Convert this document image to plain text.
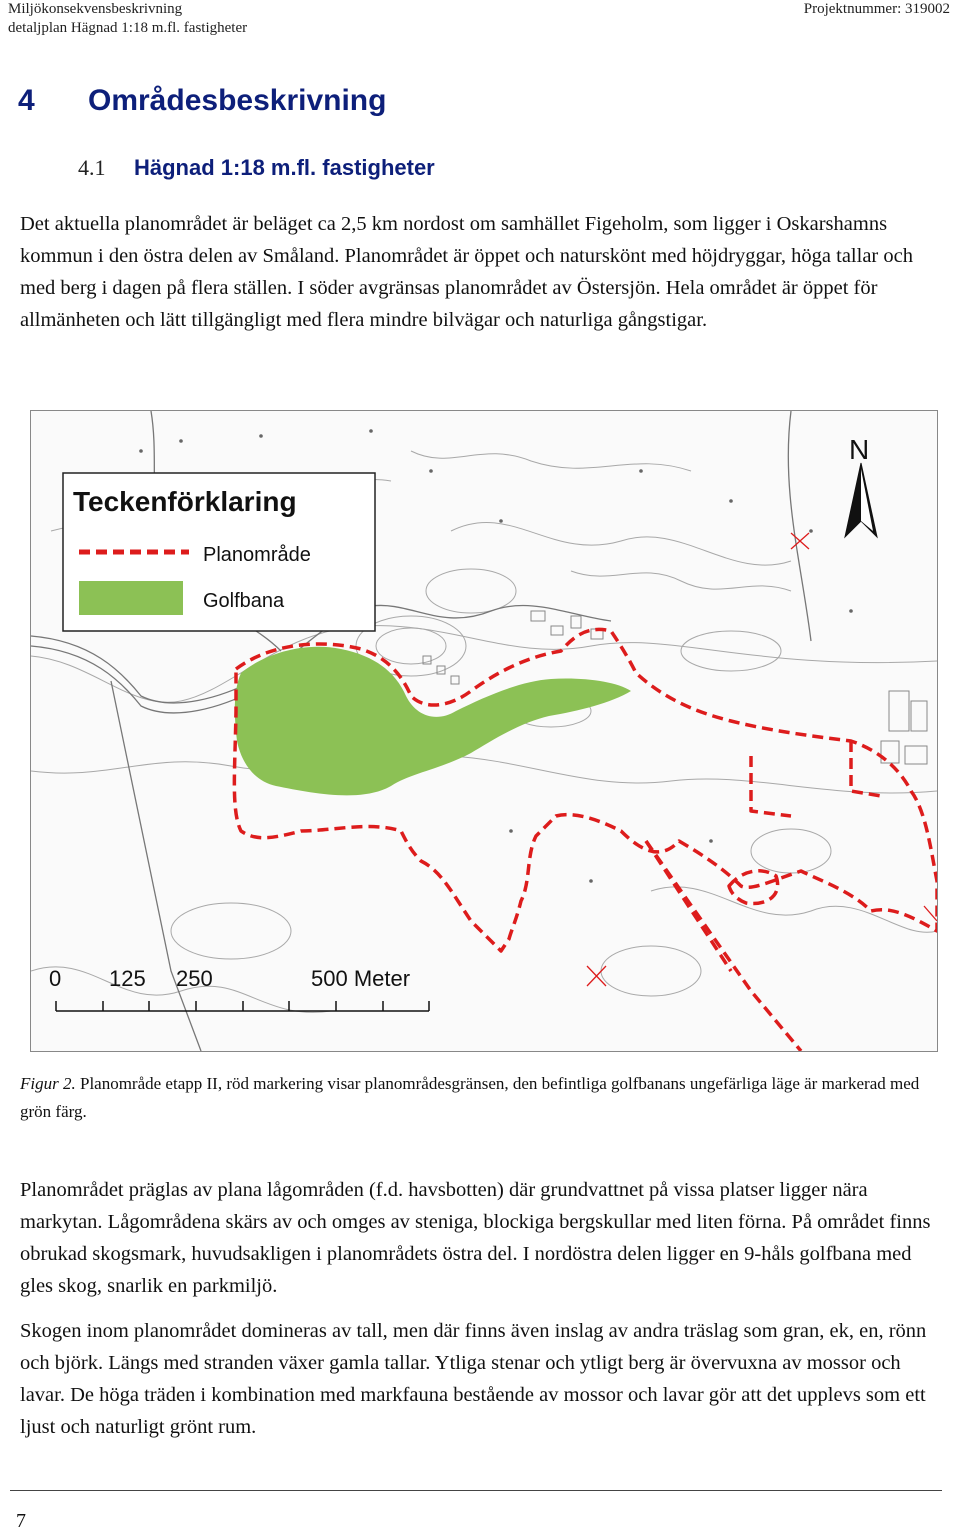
Miljökonsekvensbeskrivning
detaljplan Hägnad 1:18 m.fl. fastigheter
Projektnummer: 319002
4 Områdesbeskrivning
4.1 Hägnad 1:18 m.fl. fastigheter

Det aktuella planområdet är beläget ca 2,5 km nordost om samhället Figeholm, som ligger i Oskarshamns kommun i den östra delen av Småland. Planområdet är öppet och naturskönt med höjdryggar, höga tallar och med berg i dagen på flera ställen. I söder avgränsas planområdet av Östersjön. Hela området är öppet för allmänheten och lätt tillgängligt med flera mindre bilvägar och naturliga gångstigar.

Teckenförklaring
Planområde
Golfbana
N
0 125 250	500 Meter

Figur 2. Planområde etapp II, röd markering visar planområdesgränsen, den befintliga golfbanans ungefärliga läge är markerad med grön färg.

Planområdet präglas av plana lågområden (f.d. havsbotten) där grundvattnet på vissa platser ligger nära markytan. Lågområdena skärs av och omges av steniga, blockiga bergskullar med liten förna. På området finns obrukad skogsmark, huvudsakligen i planområdets östra del. I nordöstra delen ligger en 9-håls golfbana med gles skog, snarlik en parkmiljö.

Skogen inom planområdet domineras av tall, men där finns även inslag av andra träslag som gran, ek, en, rönn och björk. Längs med stranden växer gamla tallar. Ytliga stenar och ytligt berg är övervuxna av mossor och lavar. De höga träden i kombination med markfauna bestående av mossor och lavar gör att det upplevs som ett ljust och naturligt grönt rum.

7
